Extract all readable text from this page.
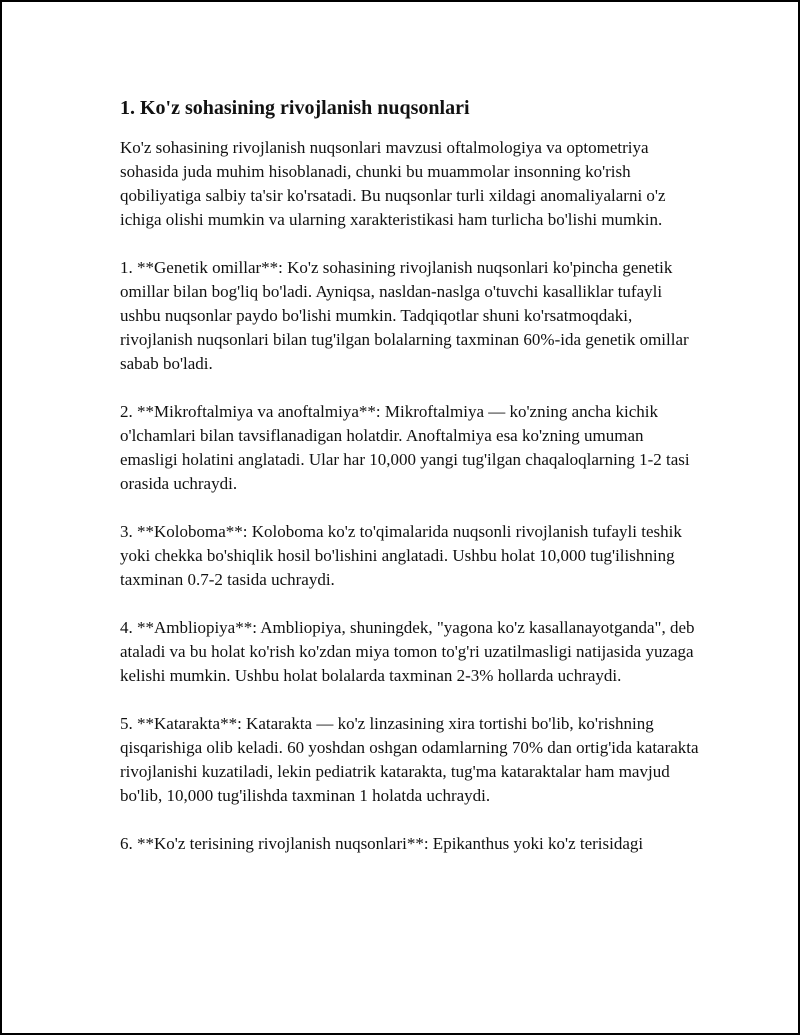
1. Ko'z sohasining rivojlanish nuqsonlari

Ko'z sohasining rivojlanish nuqsonlari mavzusi oftalmologiya va optometriya sohasida juda muhim hisoblanadi, chunki bu muammolar insonning ko'rish qobiliyatiga salbiy ta'sir ko'rsatadi. Bu nuqsonlar turli xildagi anomaliyalarni o'z ichiga olishi mumkin va ularning xarakteristikasi ham turlicha bo'lishi mumkin.

1. **Genetik omillar**: Ko'z sohasining rivojlanish nuqsonlari ko'pincha genetik omillar bilan bog'liq bo'ladi. Ayniqsa, nasldan-naslga o'tuvchi kasalliklar tufayli ushbu nuqsonlar paydo bo'lishi mumkin. Tadqiqotlar shuni ko'rsatmoqdaki, rivojlanish nuqsonlari bilan tug'ilgan bolalarning taxminan 60%-ida genetik omillar sabab bo'ladi.

2. **Mikroftalmiya va anoftalmiya**: Mikroftalmiya — ko'zning ancha kichik o'lchamlari bilan tavsiflanadigan holatdir. Anoftalmiya esa ko'zning umuman emasligi holatini anglatadi. Ular har 10,000 yangi tug'ilgan chaqaloqlarning 1-2 tasi orasida uchraydi.

3. **Koloboma**: Koloboma ko'z to'qimalarida nuqsonli rivojlanish tufayli teshik yoki chekka bo'shiqlik hosil bo'lishini anglatadi. Ushbu holat 10,000 tug'ilishning taxminan 0.7-2 tasida uchraydi.

4. **Ambliopiya**: Ambliopiya, shuningdek, "yagona ko'z kasallanayotganda", deb ataladi va bu holat ko'rish ko'zdan miya tomon to'g'ri uzatilmasligi natijasida yuzaga kelishi mumkin. Ushbu holat bolalarda taxminan 2-3% hollarda uchraydi.

5. **Katarakta**: Katarakta — ko'z linzasining xira tortishi bo'lib, ko'rishning qisqarishiga olib keladi. 60 yoshdan oshgan odamlarning 70% dan ortig'ida katarakta rivojlanishi kuzatiladi, lekin pediatrik katarakta, tug'ma kataraktalar ham mavjud bo'lib, 10,000 tug'ilishda taxminan 1 holatda uchraydi.

6. **Ko'z terisining rivojlanish nuqsonlari**: Epikanthus yoki ko'z terisidagi
